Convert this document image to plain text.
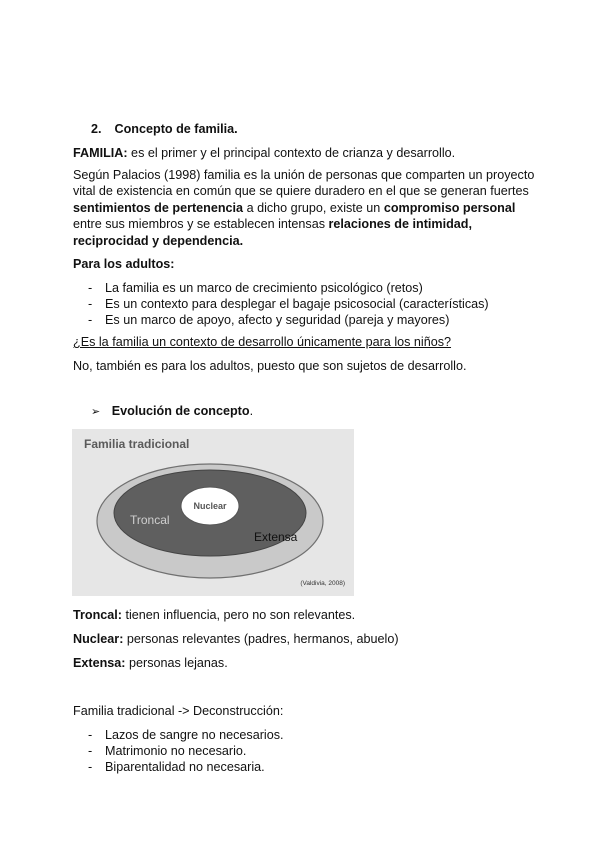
2. Concepto de familia.

FAMILIA: es el primer y el principal contexto de crianza y desarrollo.

Según Palacios (1998) familia es la unión de personas que comparten un proyecto vital de existencia en común que se quiere duradero en el que se generan fuertes sentimientos de pertenencia a dicho grupo, existe un compromiso personal entre sus miembros y se establecen intensas relaciones de intimidad, reciprocidad y dependencia.

Para los adultos:

- La familia es un marco de crecimiento psicológico (retos)
- Es un contexto para desplegar el bagaje psicosocial (características)
- Es un marco de apoyo, afecto y seguridad (pareja y mayores)

¿Es la familia un contexto de desarrollo únicamente para los niños?

No, también es para los adultos, puesto que son sujetos de desarrollo.

➢ Evolución de concepto.
Familia tradicional
Nuclear
Troncal
Extensa
(Valdivia, 2008)

Troncal: tienen influencia, pero no son relevantes.

Nuclear: personas relevantes (padres, hermanos, abuelo)

Extensa: personas lejanas.

Familia tradicional -> Deconstrucción:

- Lazos de sangre no necesarios.
- Matrimonio no necesario.
- Biparentalidad no necesaria.
